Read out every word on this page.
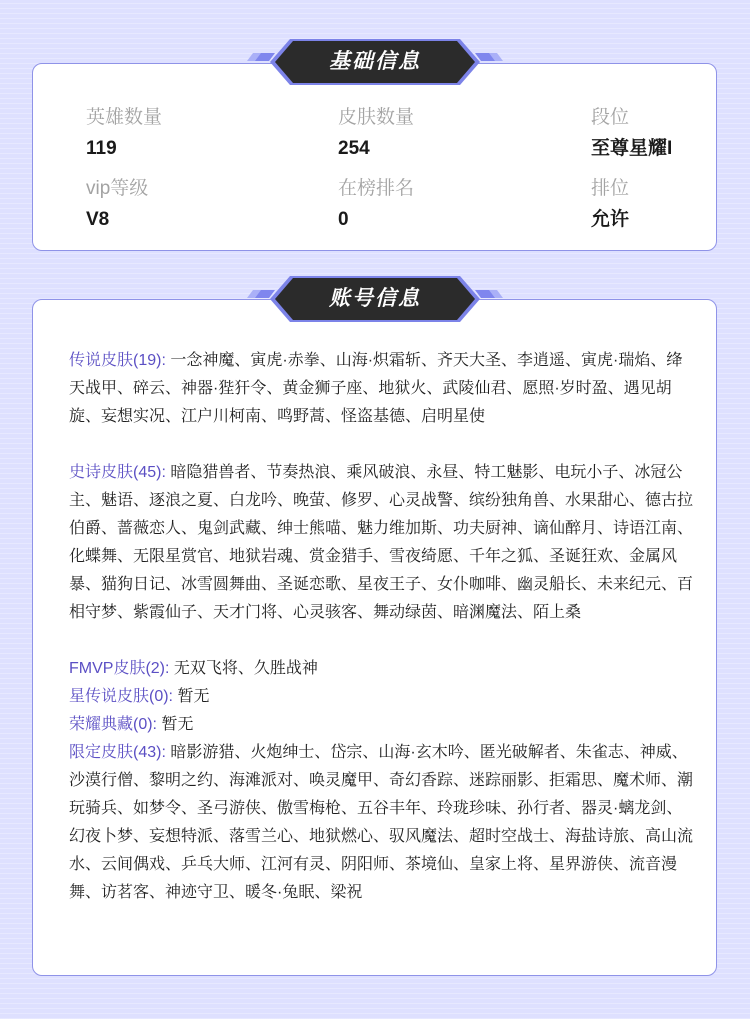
英雄数量
119
皮肤数量
254
段位
至尊星耀I
vip等级
V8
在榜排名
0
排位
允许

传说皮肤(19): 一念神魔、寅虎·赤拳、山海·炽霜斩、齐天大圣、李逍遥、寅虎·瑞焰、绛天战甲、碎云、神器·狴犴令、黄金狮子座、地狱火、武陵仙君、愿照·岁时盈、遇见胡旋、妄想实况、江户川柯南、鸣野蒿、怪盗基德、启明星使

史诗皮肤(45): 暗隐猎兽者、节奏热浪、乘风破浪、永昼、特工魅影、电玩小子、冰冠公主、魅语、逐浪之夏、白龙吟、晚萤、修罗、心灵战警、缤纷独角兽、水果甜心、德古拉伯爵、蔷薇恋人、鬼剑武藏、绅士熊喵、魅力维加斯、功夫厨神、谪仙醉月、诗语江南、化蝶舞、无限星赏官、地狱岩魂、赏金猎手、雪夜绮愿、千年之狐、圣诞狂欢、金属风暴、猫狗日记、冰雪圆舞曲、圣诞恋歌、星夜王子、女仆咖啡、幽灵船长、未来纪元、百相守梦、紫霞仙子、天才门将、心灵骇客、舞动绿茵、暗渊魔法、陌上桑

FMVP皮肤(2): 无双飞将、久胜战神

星传说皮肤(0): 暂无

荣耀典藏(0): 暂无

限定皮肤(43): 暗影游猎、火炮绅士、岱宗、山海·玄木吟、匿光破解者、朱雀志、神威、沙漠行僧、黎明之约、海滩派对、唤灵魔甲、奇幻香踪、迷踪丽影、拒霜思、魔术师、潮玩骑兵、如梦令、圣弓游侠、傲雪梅枪、五谷丰年、玲珑珍味、孙行者、器灵·螭龙剑、幻夜卜梦、妄想特派、落雪兰心、地狱燃心、驭风魔法、超时空战士、海盐诗旅、高山流水、云间偶戏、乒乓大师、江河有灵、阴阳师、茶境仙、皇家上将、星界游侠、流音漫舞、访茗客、神迹守卫、暖冬·兔眠、梁祝

基础信息
账号信息
